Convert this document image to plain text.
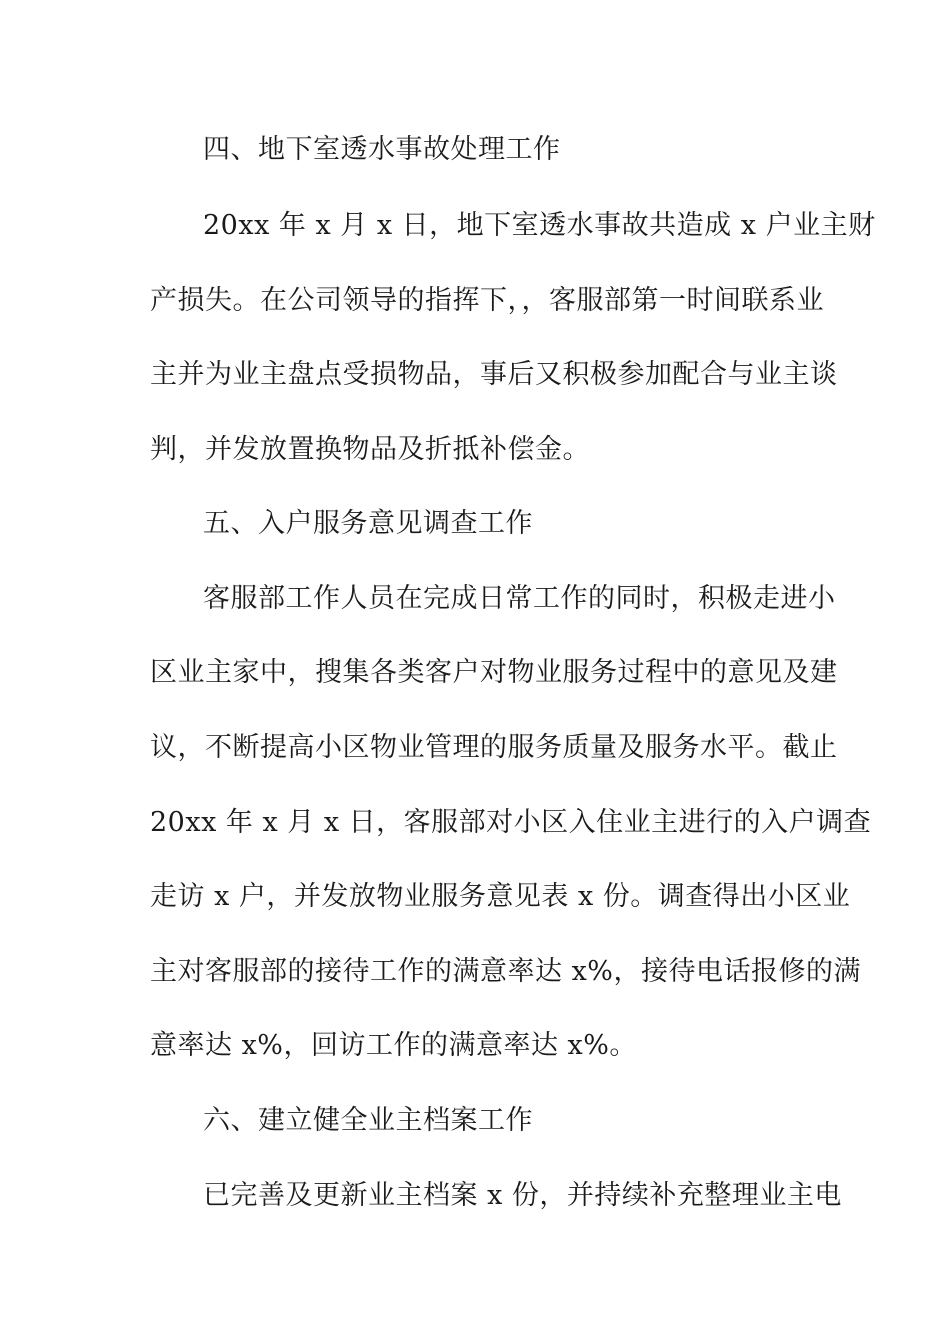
四、地下室透水事故处理工作
20xx 年 x 月 x 日，地下室透水事故共造成 x 户业主财
产损失。在公司领导的指挥下，，客服部第一时间联系业
主并为业主盘点受损物品，事后又积极参加配合与业主谈
判，并发放置换物品及折抵补偿金。
五、入户服务意见调查工作
客服部工作人员在完成日常工作的同时，积极走进小
区业主家中，搜集各类客户对物业服务过程中的意见及建
议，不断提高小区物业管理的服务质量及服务水平。截止
20xx 年 x 月 x 日，客服部对小区入住业主进行的入户调查
走访 x 户，并发放物业服务意见表 x 份。调查得出小区业
主对客服部的接待工作的满意率达 x%，接待电话报修的满
意率达 x%，回访工作的满意率达 x%。
六、建立健全业主档案工作
已完善及更新业主档案 x 份，并持续补充整理业主电
